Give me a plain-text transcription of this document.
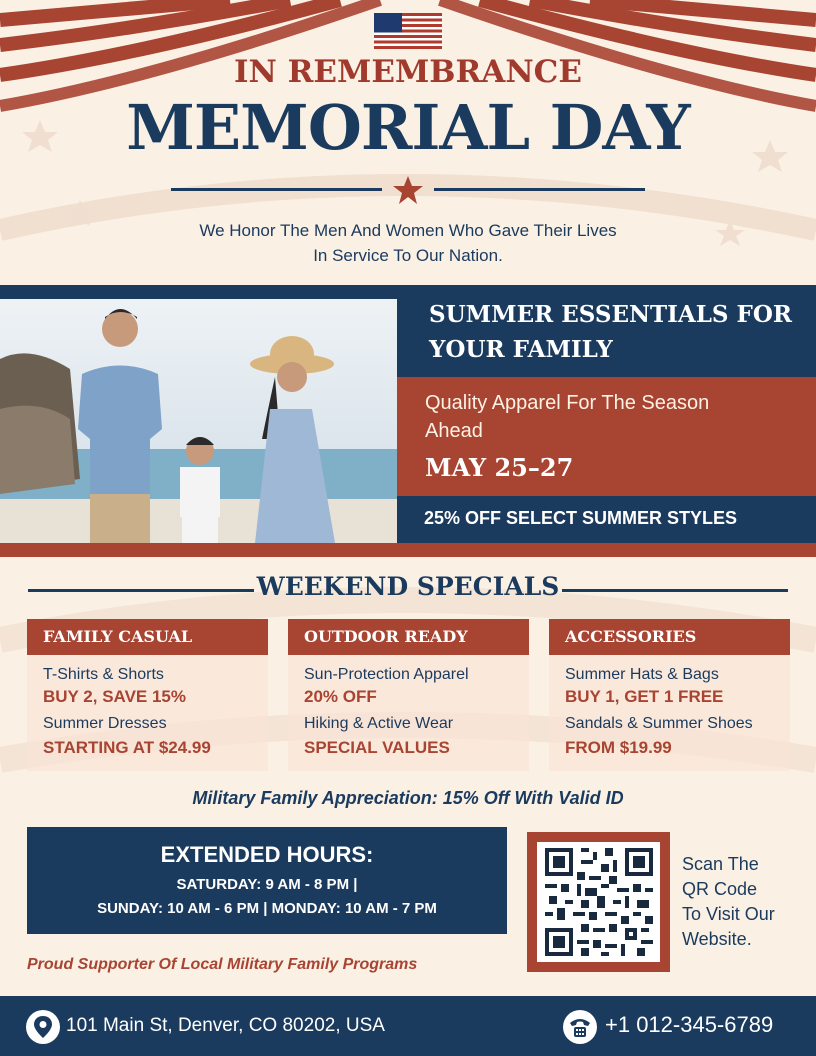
IN REMEMBRANCE
MEMORIAL DAY
We Honor The Men And Women Who Gave Their Lives
In Service To Our Nation.
SUMMER ESSENTIALS FOR
YOUR FAMILY
Quality Apparel For The Season
Ahead
MAY 25–27
25% OFF SELECT SUMMER STYLES
WEEKEND SPECIALS
FAMILY CASUAL
T-Shirts & Shorts
BUY 2, SAVE 15%
Summer Dresses
STARTING AT $24.99
OUTDOOR READY
Sun-Protection Apparel
20% OFF
Hiking & Active Wear
SPECIAL VALUES
ACCESSORIES
Summer Hats & Bags
BUY 1, GET 1 FREE
Sandals & Summer Shoes
FROM $19.99
Military Family Appreciation: 15% Off With Valid ID
EXTENDED HOURS:
SATURDAY: 9 AM - 8 PM |
SUNDAY: 10 AM - 6 PM | MONDAY: 10 AM - 7 PM
Proud Supporter Of Local Military Family Programs
Scan The
QR Code
To Visit Our
Website.
101 Main St, Denver, CO 80202, USA	+1 012-345-6789
